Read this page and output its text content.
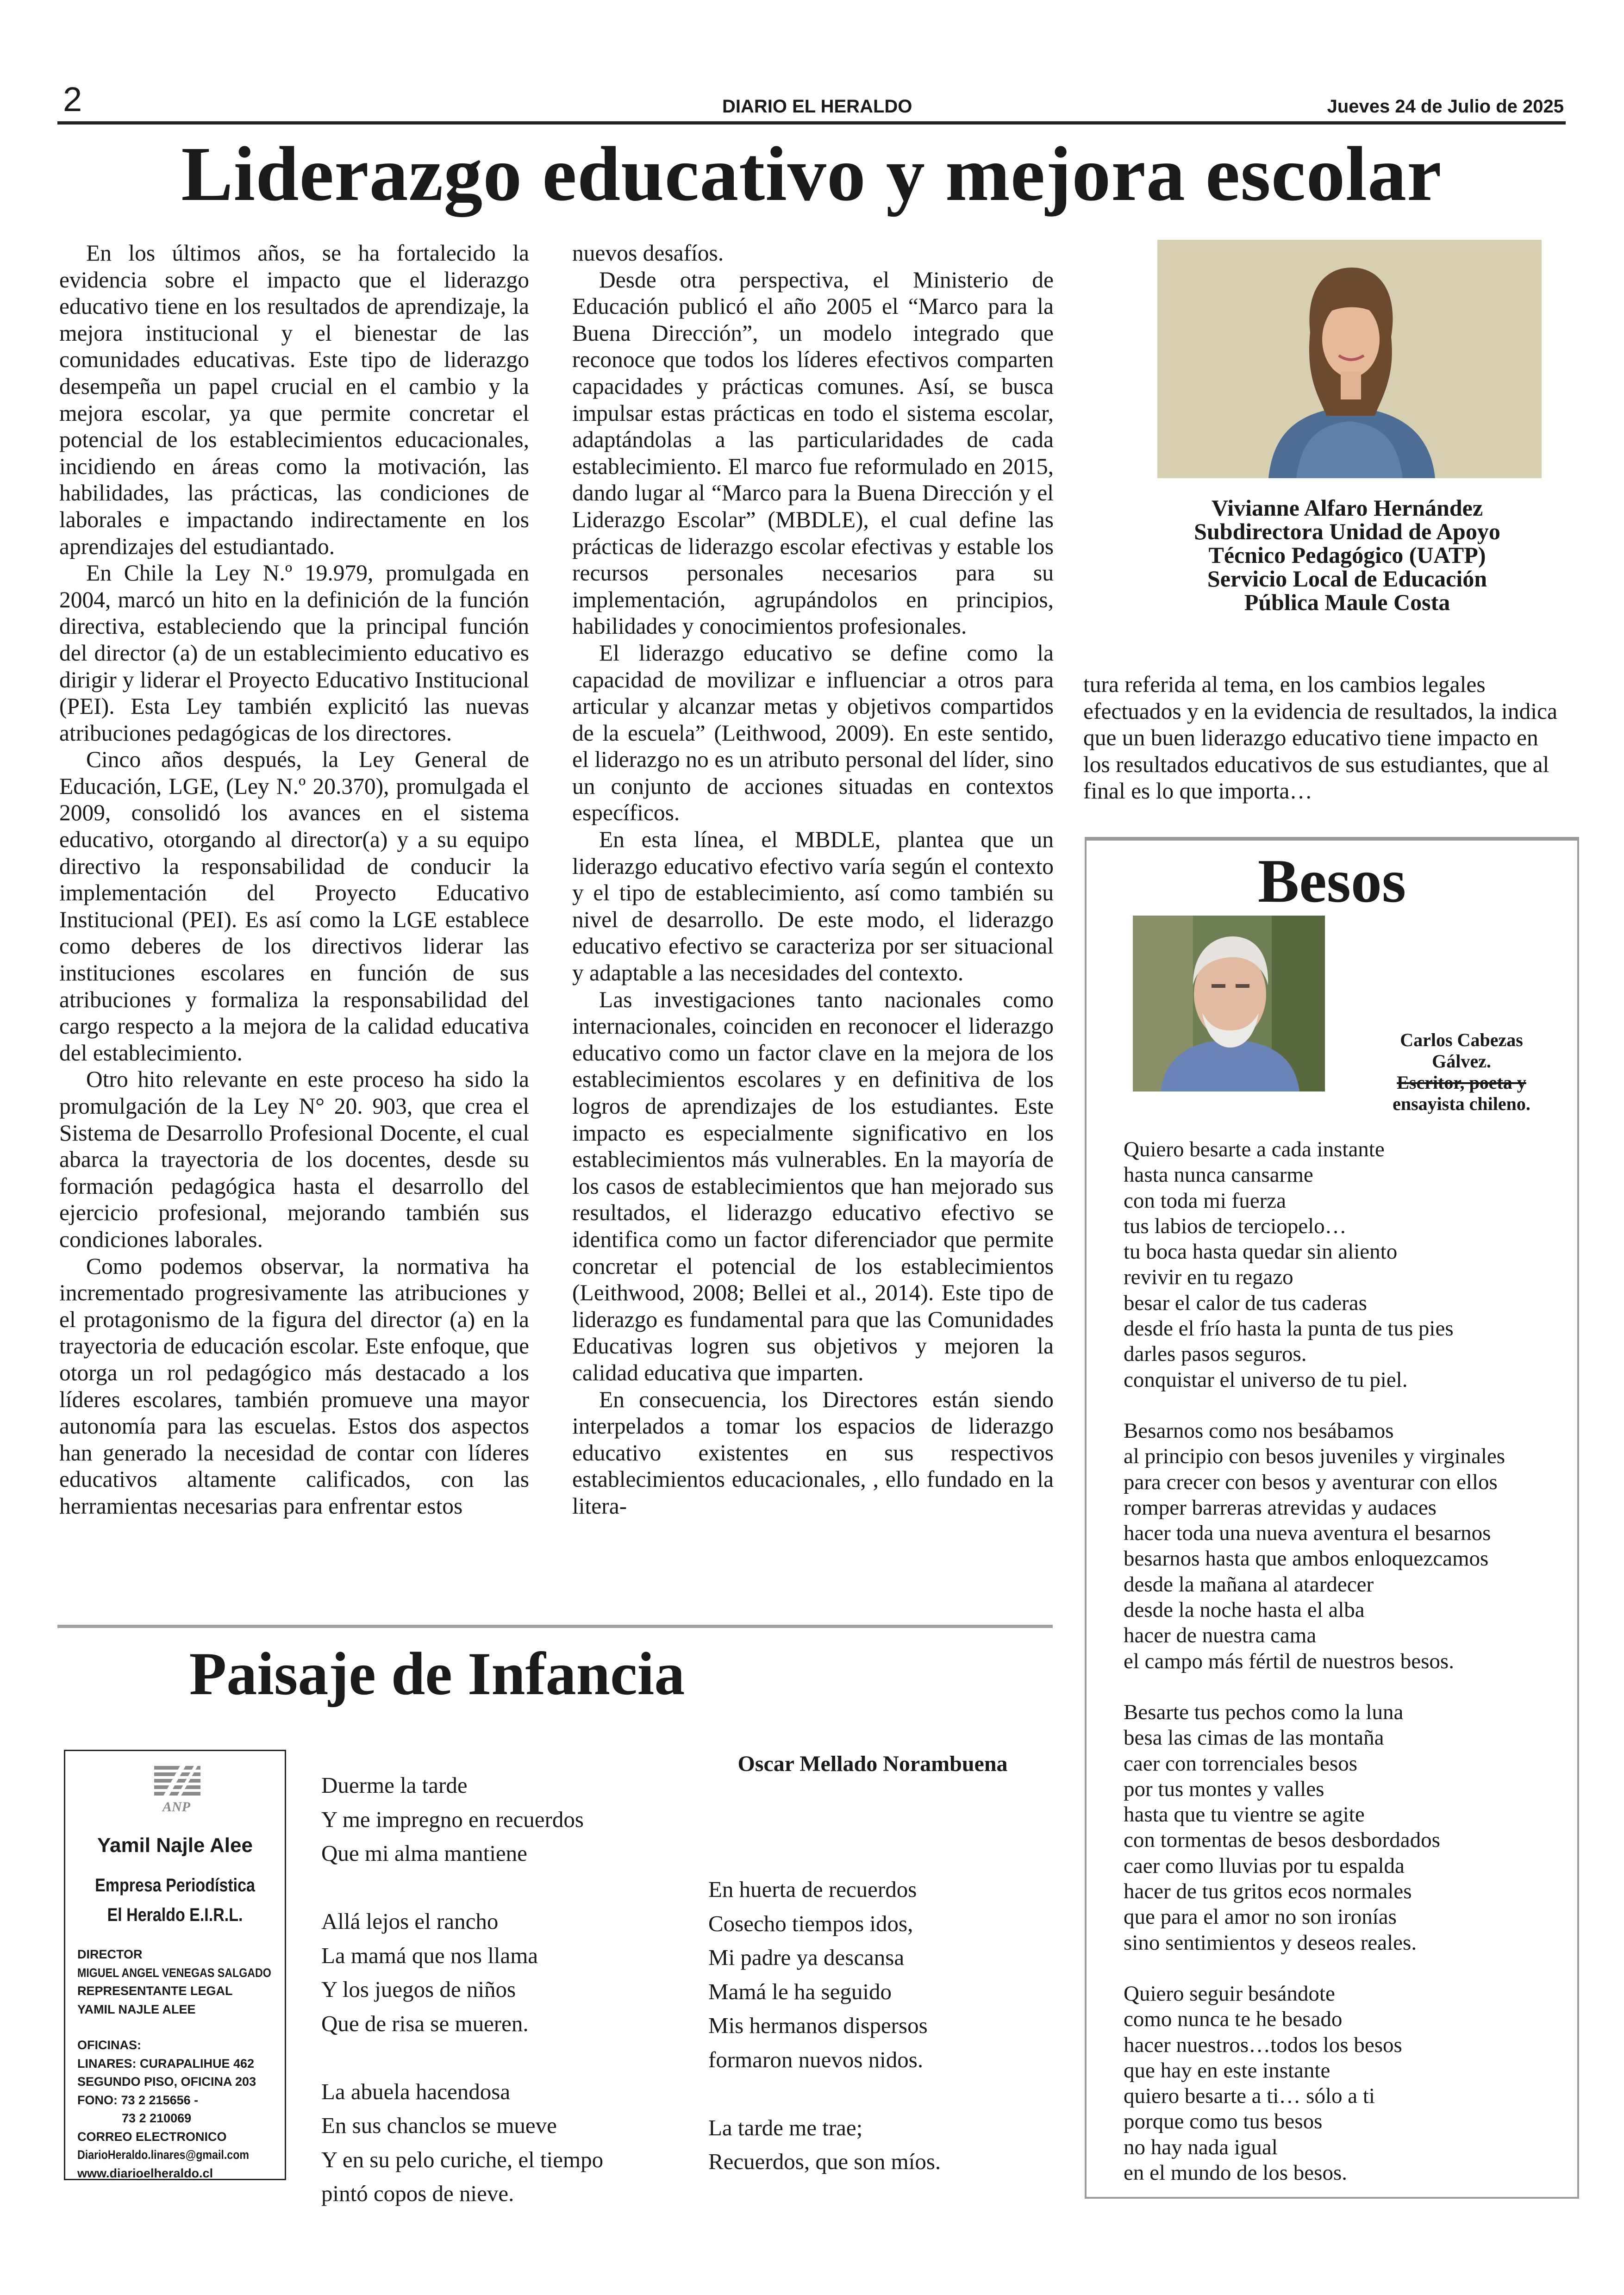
2	DIARIO EL HERALDO	Jueves 24 de Julio de 2025
Liderazgo educativo y mejora escolar

En los últimos años, se ha fortalecido la evidencia sobre el impacto que el liderazgo educativo tiene en los resultados de aprendizaje, la mejora institucional y el bienestar de las comunidades educativas. Este tipo de liderazgo desempeña un papel crucial en el cambio y la mejora escolar, ya que permite concretar el potencial de los establecimientos educacionales, incidiendo en áreas como la motivación, las habilidades, las prácticas, las condiciones de laborales e impactando indirectamente en los aprendizajes del estudiantado.

En Chile la Ley N.º 19.979, promulgada en 2004, marcó un hito en la definición de la función directiva, estableciendo que la principal función del director (a) de un establecimiento educativo es dirigir y liderar el Proyecto Educativo Institucional (PEI). Esta Ley también explicitó las nuevas atribuciones pedagógicas de los directores.

Cinco años después, la Ley General de Educación, LGE, (Ley N.º 20.370), promulgada el 2009, consolidó los avances en el sistema educativo, otorgando al director(a) y a su equipo directivo la responsabilidad de conducir la implementación del Proyecto Educativo Institucional (PEI). Es así como la LGE establece como deberes de los directivos liderar las instituciones escolares en función de sus atribuciones y formaliza la responsabilidad del cargo respecto a la mejora de la calidad educativa del establecimiento.

Otro hito relevante en este proceso ha sido la promulgación de la Ley N° 20. 903, que crea el Sistema de Desarrollo Profesional Docente, el cual abarca la trayectoria de los docentes, desde su formación pedagógica hasta el desarrollo del ejercicio profesional, mejorando también sus condiciones laborales.

Como podemos observar, la normativa ha incrementado progresivamente las atribuciones y el protagonismo de la figura del director (a) en la trayectoria de educación escolar. Este enfoque, que otorga un rol pedagógico más destacado a los líderes escolares, también promueve una mayor autonomía para las escuelas. Estos dos aspectos han generado la necesidad de contar con líderes educativos altamente calificados, con las herramientas necesarias para enfrentar estos

nuevos desafíos.

Desde otra perspectiva, el Ministerio de Educación publicó el año 2005 el “Marco para la Buena Dirección”, un modelo integrado que reconoce que todos los líderes efectivos comparten capacidades y prácticas comunes. Así, se busca impulsar estas prácticas en todo el sistema escolar, adaptándolas a las particularidades de cada establecimiento. El marco fue reformulado en 2015, dando lugar al “Marco para la Buena Dirección y el Liderazgo Escolar” (MBDLE), el cual define las prácticas de liderazgo escolar efectivas y estable los recursos personales necesarios para su implementación, agrupándolos en principios, habilidades y conocimientos profesionales.

El liderazgo educativo se define como la capacidad de movilizar e influenciar a otros para articular y alcanzar metas y objetivos compartidos de la escuela” (Leithwood, 2009). En este sentido, el liderazgo no es un atributo personal del líder, sino un conjunto de acciones situadas en contextos específicos.

En esta línea, el MBDLE, plantea que un liderazgo educativo efectivo varía según el contexto y el tipo de establecimiento, así como también su nivel de desarrollo. De este modo, el liderazgo educativo efectivo se caracteriza por ser situacional y adaptable a las necesidades del contexto.

Las investigaciones tanto nacionales como internacionales, coinciden en reconocer el liderazgo educativo como un factor clave en la mejora de los establecimientos escolares y en definitiva de los logros de aprendizajes de los estudiantes. Este impacto es especialmente significativo en los establecimientos más vulnerables. En la mayoría de los casos de establecimientos que han mejorado sus resultados, el liderazgo educativo efectivo se identifica como un factor diferenciador que permite concretar el potencial de los establecimientos (Leithwood, 2008; Bellei et al., 2014). Este tipo de liderazgo es fundamental para que las Comunidades Educativas logren sus objetivos y mejoren la calidad educativa que imparten.

En consecuencia, los Directores están siendo interpelados a tomar los espacios de liderazgo educativo existentes en sus respectivos establecimientos educacionales, , ello fundado en la litera-

Vivianne Alfaro Hernández
Subdirectora Unidad de Apoyo
Técnico Pedagógico (UATP)
Servicio Local de Educación
Pública Maule Costa

tura referida al tema, en los cambios legales efectuados y en la evidencia de resultados, la indica que un buen liderazgo educativo tiene impacto en los resultados educativos de sus estudiantes, que al final es lo que importa…

Besos
Carlos Cabezas
Gálvez.
Escritor, poeta y
ensayista chileno.
Quiero besarte a cada instante
hasta nunca cansarme
con toda mi fuerza
tus labios de terciopelo…
tu boca hasta quedar sin aliento
revivir en tu regazo
besar el calor de tus caderas
desde el frío hasta la punta de tus pies
darles pasos seguros.
conquistar el universo de tu piel.
Besarnos como nos besábamos
al principio con besos juveniles y virginales
para crecer con besos y aventurar con ellos
romper barreras atrevidas y audaces
hacer toda una nueva aventura el besarnos
besarnos hasta que ambos enloquezcamos
desde la mañana al atardecer
desde la noche hasta el alba
hacer de nuestra cama
el campo más fértil de nuestros besos.
Besarte tus pechos como la luna
besa las cimas de las montaña
caer con torrenciales besos
por tus montes y valles
hasta que tu vientre se agite
con tormentas de besos desbordados
caer como lluvias por tu espalda
hacer de tus gritos ecos normales
que para el amor no son ironías
sino sentimientos y deseos reales.
Quiero seguir besándote
como nunca te he besado
hacer nuestros…todos los besos
que hay en este instante
quiero besarte a ti… sólo a ti
porque como tus besos
no hay nada igual
en el mundo de los besos.
Paisaje de Infancia
ANP
Yamil Najle Alee
Empresa Periodística
El Heraldo E.I.R.L.
DIRECTOR
MIGUEL ANGEL VENEGAS SALGADO
REPRESENTANTE LEGAL
YAMIL NAJLE ALEE
OFICINAS:
LINARES: CURAPALIHUE 462
SEGUNDO PISO, OFICINA 203
FONO: 73 2 215656 -
73 2 210069
CORREO ELECTRONICO
DiarioHeraldo.linares@gmail.com
www.diarioelheraldo.cl
Duerme la tarde
Y me impregno en recuerdos
Que mi alma mantiene
Allá lejos el rancho
La mamá que nos llama
Y los juegos de niños
Que de risa se mueren.
La abuela hacendosa
En sus chanclos se mueve
Y en su pelo curiche, el tiempo
pintó copos de nieve.
Oscar Mellado Norambuena
En huerta de recuerdos
Cosecho tiempos idos,
Mi padre ya descansa
Mamá le ha seguido
Mis hermanos dispersos
formaron nuevos nidos.
La tarde me trae;
Recuerdos, que son míos.
